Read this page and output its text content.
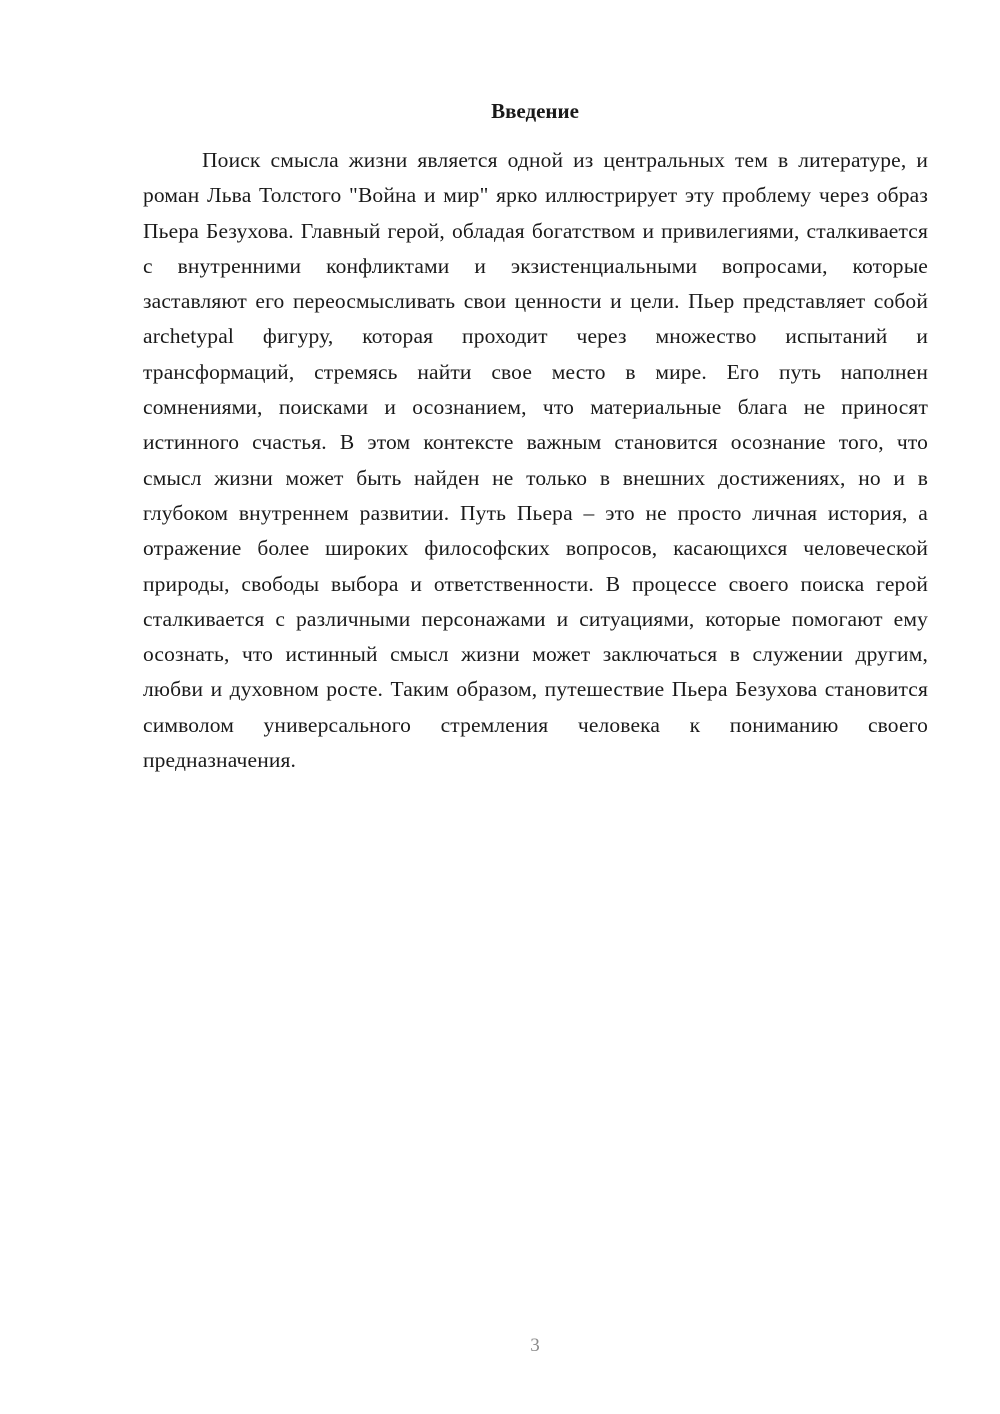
Введение

Поиск смысла жизни является одной из центральных тем в литературе, и роман Льва Толстого "Война и мир" ярко иллюстрирует эту проблему через образ Пьера Безухова. Главный герой, обладая богатством и привилегиями, сталкивается с внутренними конфликтами и экзистенциальными вопросами, которые заставляют его переосмысливать свои ценности и цели. Пьер представляет собой archetypal фигуру, которая проходит через множество испытаний и трансформаций, стремясь найти свое место в мире. Его путь наполнен сомнениями, поисками и осознанием, что материальные блага не приносят истинного счастья. В этом контексте важным становится осознание того, что смысл жизни может быть найден не только в внешних достижениях, но и в глубоком внутреннем развитии. Путь Пьера – это не просто личная история, а отражение более широких философских вопросов, касающихся человеческой природы, свободы выбора и ответственности. В процессе своего поиска герой сталкивается с различными персонажами и ситуациями, которые помогают ему осознать, что истинный смысл жизни может заключаться в служении другим, любви и духовном росте. Таким образом, путешествие Пьера Безухова становится символом универсального стремления человека к пониманию своего предназначения.

3
